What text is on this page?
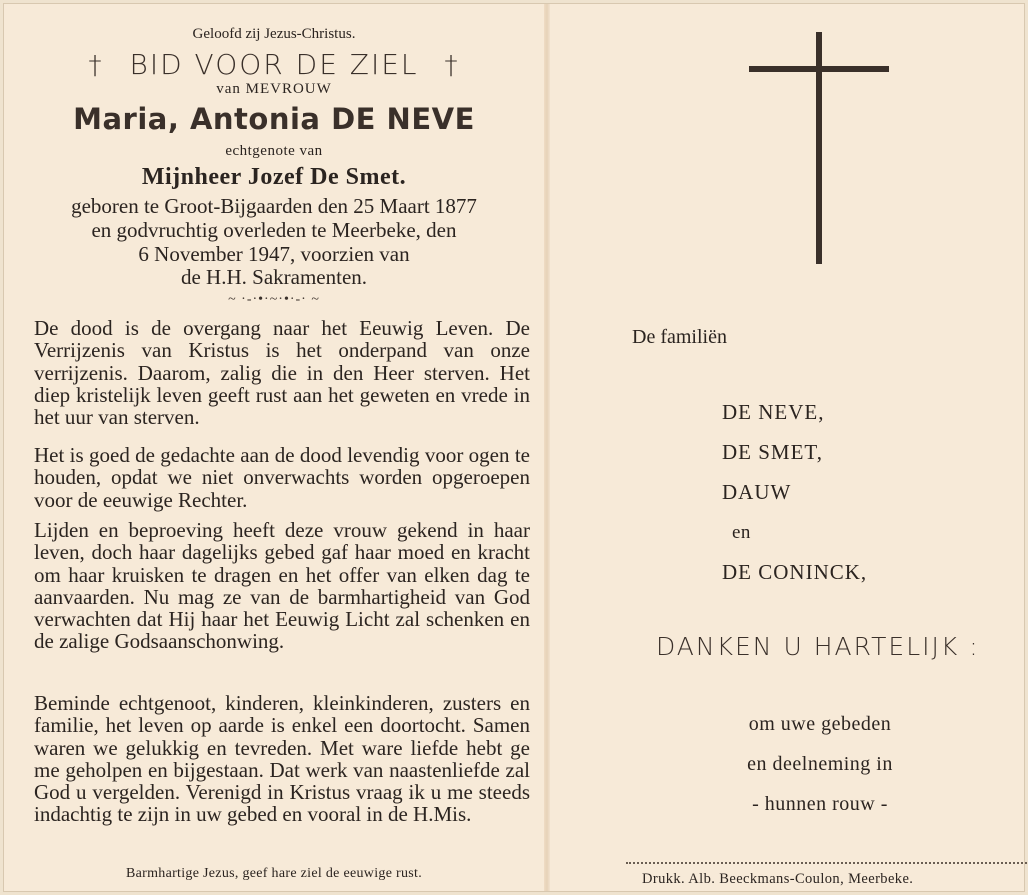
Geloofd zij Jezus-Christus.
† BID VOOR DE ZIEL †
van MEVROUW
Maria, Antonia DE NEVE
echtgenote van
Mijnheer Jozef De Smet.
geboren te Groot-Bijgaarden den 25 Maart 1877
en godvruchtig overleden te Meerbeke, den
6 November 1947, voorzien van
de H.H. Sakramenten.
~ ·-·•·~·•·-· ~
De dood is de overgang naar het Eeuwig Leven. De Verrijzenis van Kristus is het onderpand van onze verrijzenis. Daarom, zalig die in den Heer sterven. Het diep kristelijk leven geeft rust aan het geweten en vrede in het uur van sterven.
Het is goed de gedachte aan de dood levendig voor ogen te houden, opdat we niet onverwachts worden opgeroepen voor de eeuwige Rechter.
Lijden en beproeving heeft deze vrouw gekend in haar leven, doch haar dagelijks gebed gaf haar moed en kracht om haar kruisken te dragen en het offer van elken dag te aanvaarden. Nu mag ze van de barmhartigheid van God verwachten dat Hij haar het Eeuwig Licht zal schenken en de zalige Godsaanschonwing.
Beminde echtgenoot, kinderen, kleinkinderen, zusters en familie, het leven op aarde is enkel een doortocht. Samen waren we gelukkig en tevreden. Met ware liefde hebt ge me geholpen en bijgestaan. Dat werk van naastenliefde zal God u vergelden. Verenigd in Kristus vraag ik u me steeds indachtig te zijn in uw gebed en vooral in de H.Mis.
Barmhartige Jezus, geef hare ziel de eeuwige rust.
De familiën
DE NEVE,
DE SMET,
DAUW
en
DE CONINCK,
DANKEN U HARTELIJK :
om uwe gebeden
en deelneming in
- hunnen rouw -
Drukk. Alb. Beeckmans-Coulon, Meerbeke.
